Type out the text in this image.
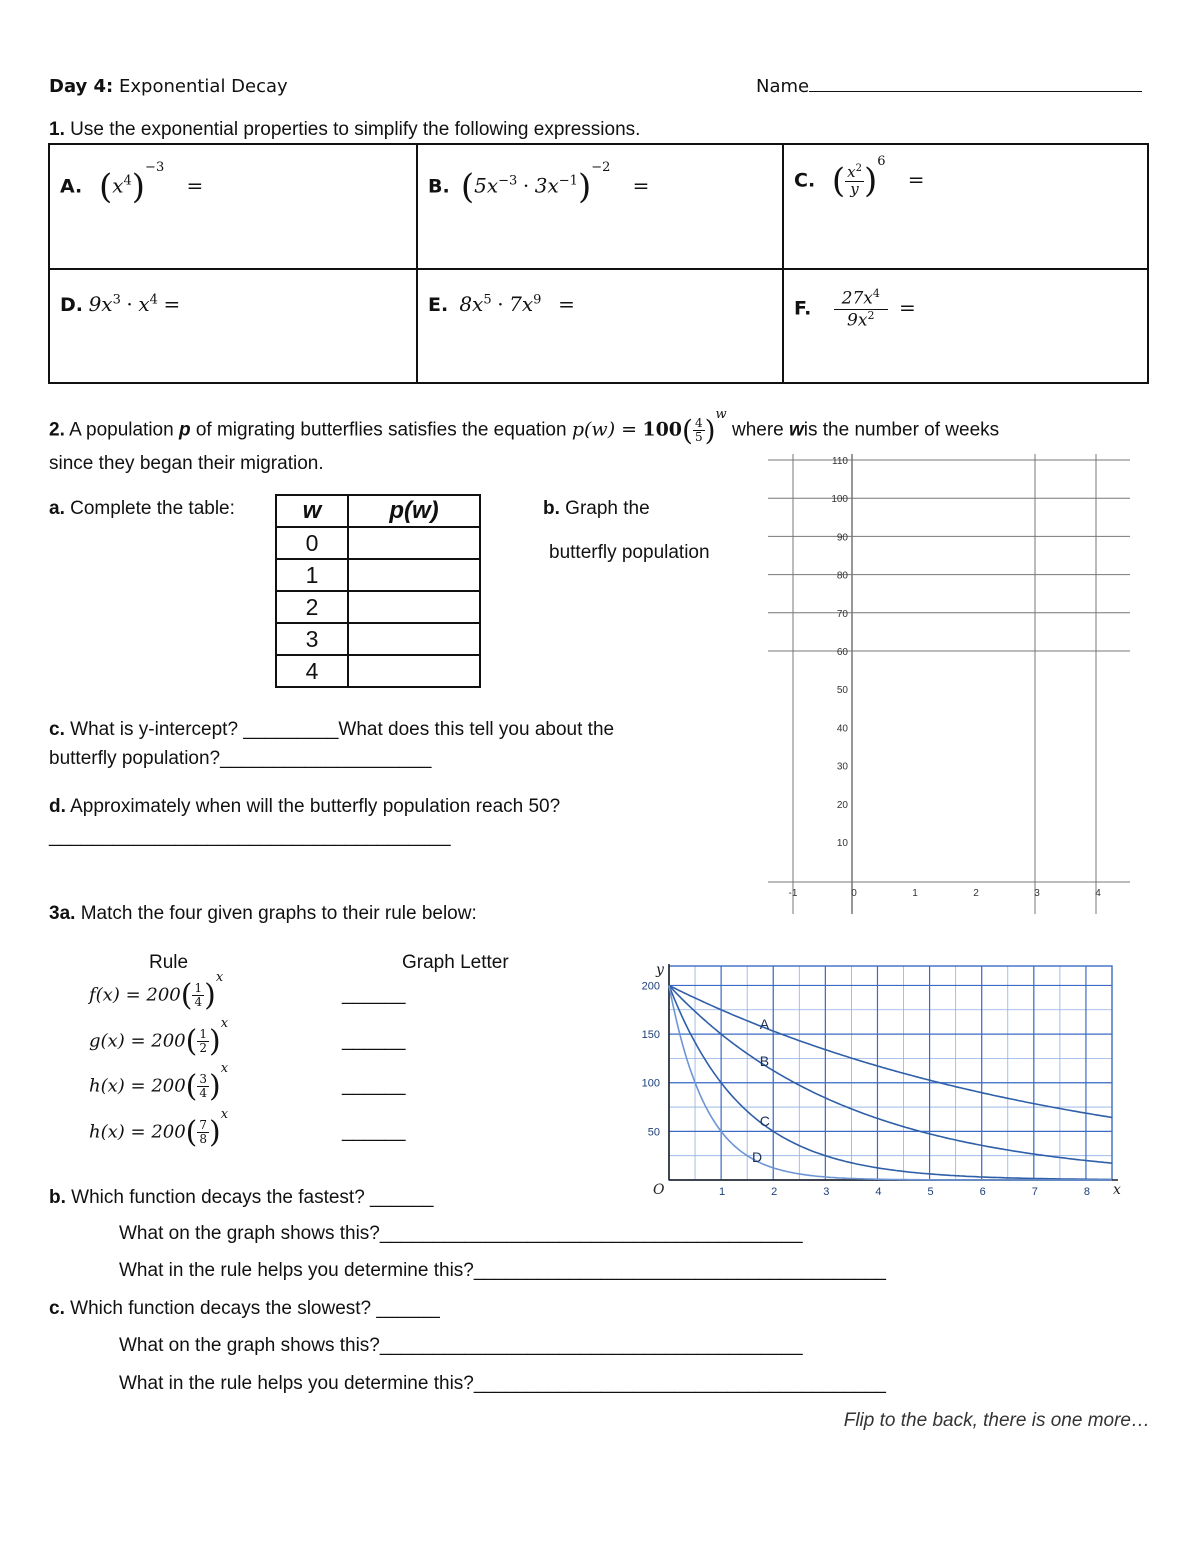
Day 4: Exponential Decay	Name
1. Use the exponential properties to simplify the following expressions.
A. $(x^4)^{-3}$    =	B. $(5x^{-3} \cdot 3x^{-1})^{-2}$    =	C. ( $\frac{x^2}{y} )^6$    =

D. $9x^3 \cdot x^4$ =	E. $8x^5 \cdot 7x^9$ =	F. $\frac{27x^4}{9x^2}$ =
2. A population p of migrating butterflies satisfies the equation $p(w) = 100( \frac{4}{5} )^w$ where wis the number of weeks
since they began their migration.
a. Complete the table:	w	p(w)
0	
1	
2	
3	
4	
b. Graph the
butterfly population
c. What is y-intercept? _________What does this tell you about the
butterfly population?____________________
d. Approximately when will the butterfly population reach 50?
______________________________________
110
100
90
80
70
60
50
40
30
20
10
-1	0	1	2	3	4
3a. Match the four given graphs to their rule below:
Rule	Graph Letter
$f(x) = 200( \frac{1}{4} )^x$
______
$g(x) = 200( \frac{1}{2} )^x$
______
$h(x) = 200( \frac{3}{4} )^x$
______
$h(x) = 200( \frac{7}{8} )^x$
______
y
x
O	1	2	3	4	5	6	7	8
50
100
150
200
A
B
C
D
b. Which function decays the fastest? ______
What on the graph shows this?________________________________________
What in the rule helps you determine this?_______________________________________
c. Which function decays the slowest? ______
What on the graph shows this?________________________________________
What in the rule helps you determine this?_______________________________________
Flip to the back, there is one more…
